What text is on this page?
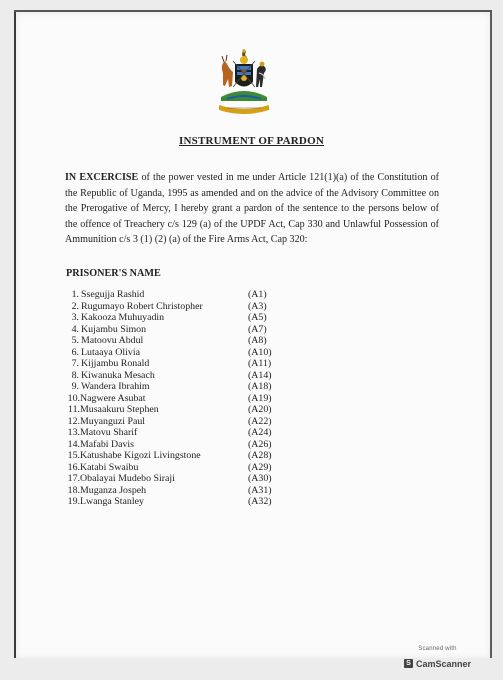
INSTRUMENT OF PARDON

IN EXCERCISE of the power vested in me under Article 121(1)(a) of the Constitution of the Republic of Uganda, 1995 as amended and on the advice of the Advisory Committee on the Prerogative of Mercy, I hereby grant a pardon of the sentence to the persons below of the offence of Treachery c/s 129 (a) of the UPDF Act, Cap 330 and Unlawful Possession of Ammunition c/s 3 (1) (2) (a) of the Fire Arms Act, Cap 320:

PRISONER'S NAME

1. Ssegujja Rashid	(A1)
2. Rugumayo Robert Christopher	(A3)
3. Kakooza Muhuyadin	(A5)
4. Kujambu Simon	(A7)
5. Matoovu Abdul	(A8)
6. Lutaaya Olivia	(A10)
7. Kijjambu Ronald	(A11)
8. Kiwanuka Mesach	(A14)
9. Wandera Ibrahim	(A18)
10. Nagwere Asubat	(A19)
11. Musaakuru Stephen	(A20)
12. Muyanguzi Paul	(A22)
13. Matovu Sharif	(A24)
14. Mafabi Davis	(A26)
15. Katushabe Kigozi Livingstone	(A28)
16. Katabi Swaibu	(A29)
17. Obalayai Mudebo Siraji	(A30)
18. Muganza Jospeh	(A31)
19. Lwanga Stanley	(A32)
Scanned with
S CamScanner
